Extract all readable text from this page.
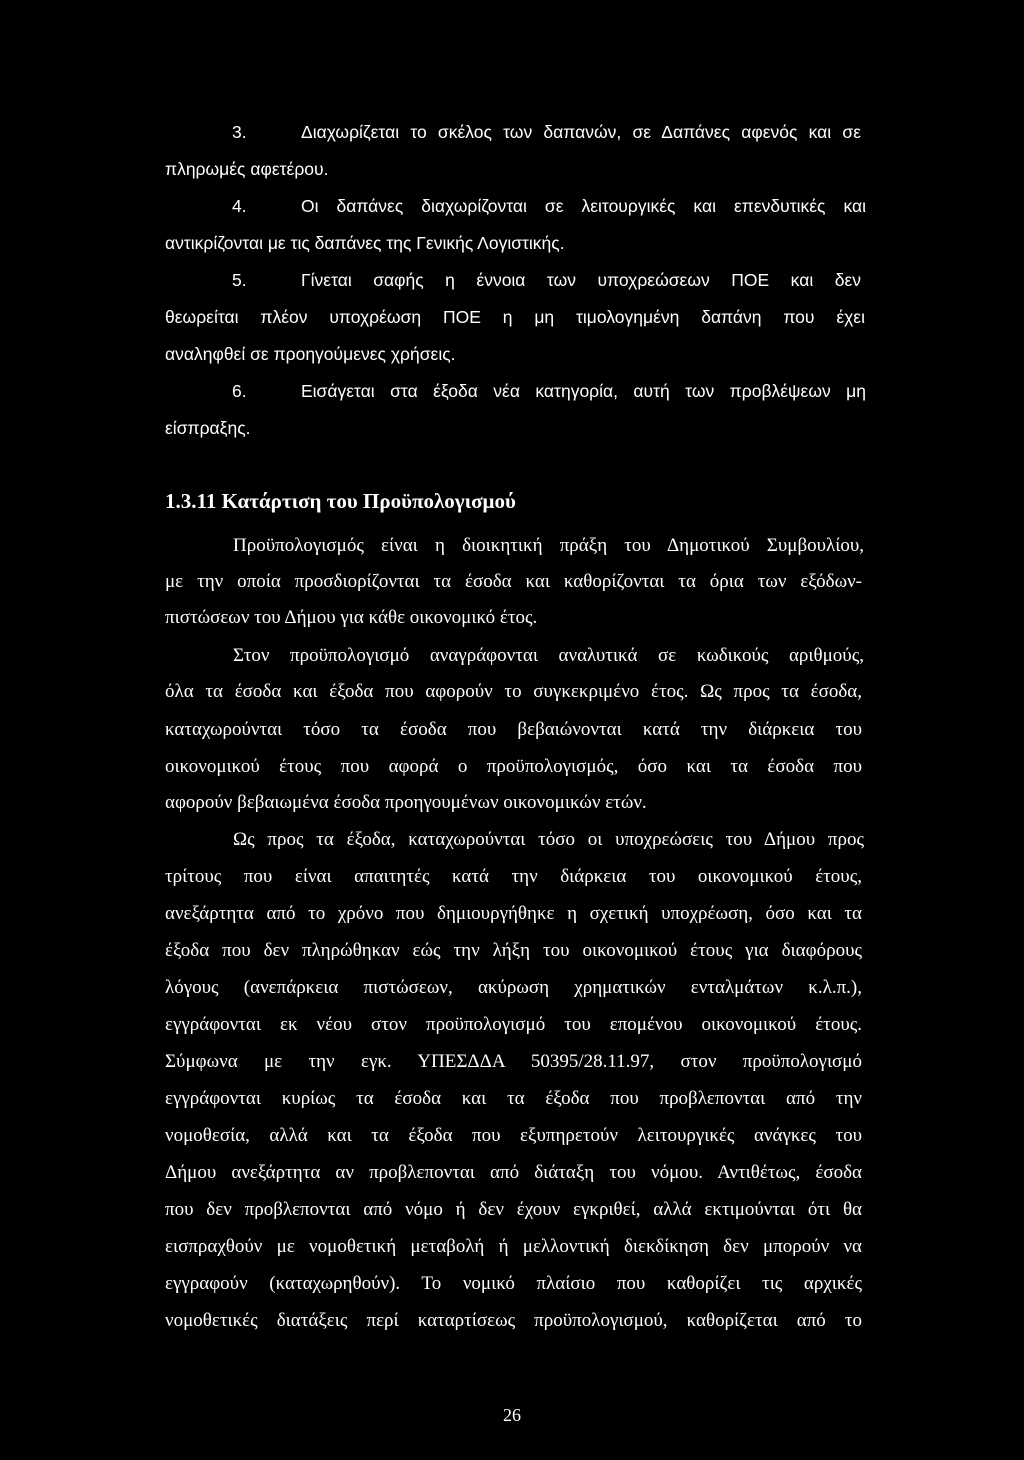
3.	Διαχωρίζεται το σκέλος των δαπανών, σε Δαπάνες αφενός και σε
πληρωμές αφετέρου.
4.	Οι δαπάνες διαχωρίζονται σε λειτουργικές και επενδυτικές και
αντικρίζονται με τις δαπάνες της Γενικής Λογιστικής.
5.	Γίνεται σαφής η έννοια των υποχρεώσεων ΠΟΕ και δεν
θεωρείται πλέον υποχρέωση ΠΟΕ η μη τιμολογημένη δαπάνη που έχει
αναληφθεί σε προηγούμενες χρήσεις.
6.	Εισάγεται στα έξοδα νέα κατηγορία, αυτή των προβλέψεων μη
είσπραξης.
1.3.11 Κατάρτιση του Προϋπολογισμού
Προϋπολογισμός είναι η διοικητική πράξη του Δημοτικού Συμβουλίου,
με την οποία προσδιορίζονται τα έσοδα και καθορίζονται τα όρια των εξόδων-
πιστώσεων του Δήμου για κάθε οικονομικό έτος.
Στον προϋπολογισμό αναγράφονται αναλυτικά σε κωδικούς αριθμούς,
όλα τα έσοδα και έξοδα που αφορούν το συγκεκριμένο έτος. Ως προς τα έσοδα,
καταχωρούνται τόσο τα έσοδα που βεβαιώνονται κατά την διάρκεια του
οικονομικού έτους που αφορά ο προϋπολογισμός, όσο και τα έσοδα που
αφορούν βεβαιωμένα έσοδα προηγουμένων οικονομικών ετών.
Ως προς τα έξοδα, καταχωρούνται τόσο οι υποχρεώσεις του Δήμου προς
τρίτους που είναι απαιτητές κατά την διάρκεια του οικονομικού έτους,
ανεξάρτητα από το χρόνο που δημιουργήθηκε η σχετική υποχρέωση, όσο και τα
έξοδα που δεν πληρώθηκαν εώς την λήξη του οικονομικού έτους για διαφόρους
λόγους (ανεπάρκεια πιστώσεων, ακύρωση χρηματικών ενταλμάτων κ.λ.π.),
εγγράφονται εκ νέου στον προϋπολογισμό του επομένου οικονομικού έτους.
Σύμφωνα με την εγκ. ΥΠΕΣΔΔΑ 50395/28.11.97, στον προϋπολογισμό
εγγράφονται κυρίως τα έσοδα και τα έξοδα που προβλεπονται από την
νομοθεσία, αλλά και τα έξοδα που εξυπηρετούν λειτουργικές ανάγκες του
Δήμου ανεξάρτητα αν προβλεπονται από διάταξη του νόμου. Αντιθέτως, έσοδα
που δεν προβλεπονται από νόμο ή δεν έχουν εγκριθεί, αλλά εκτιμούνται ότι θα
εισπραχθούν με νομοθετική μεταβολή ή μελλοντική διεκδίκηση δεν μπορούν να
εγγραφούν (καταχωρηθούν). Το νομικό πλαίσιο που καθορίζει τις αρχικές
νομοθετικές διατάξεις περί καταρτίσεως προϋπολογισμού, καθορίζεται από το
26
